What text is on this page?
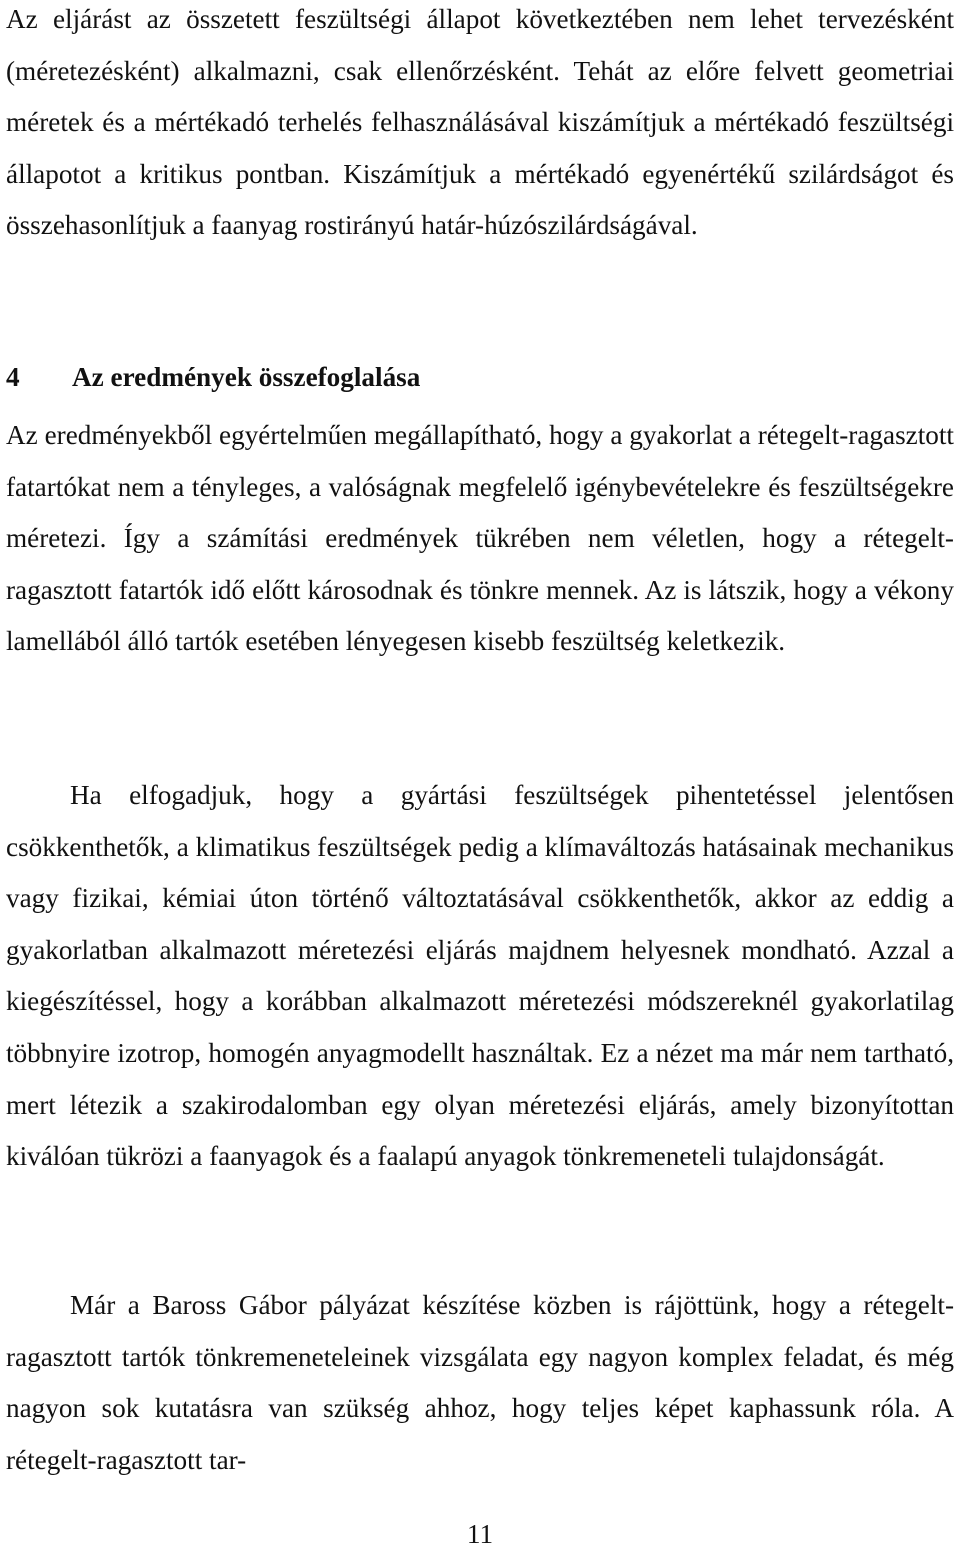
Az eljárást az összetett feszültségi állapot következtében nem lehet tervezésként (méretezésként) alkalmazni, csak ellenőrzésként. Tehát az előre felvett geometriai méretek és a mértékadó terhelés felhasználásával kiszámítjuk a mértékadó feszültségi állapotot a kritikus pontban. Kiszámítjuk a mértékadó egyenértékű szilárdságot és összehasonlítjuk a faanyag rostirányú határ-húzószilárdságával.

4 Az eredmények összefoglalása

Az eredményekből egyértelműen megállapítható, hogy a gyakorlat a rétegelt-ragasztott fatartókat nem a tényleges, a valóságnak megfelelő igénybevételekre és feszültségekre méretezi. Így a számítási eredmények tükrében nem véletlen, hogy a rétegelt-ragasztott fatartók idő előtt károsodnak és tönkre mennek. Az is látszik, hogy a vékony lamellából álló tartók esetében lényegesen kisebb feszültség keletkezik.

Ha elfogadjuk, hogy a gyártási feszültségek pihentetéssel jelentősen csökkenthetők, a klimatikus feszültségek pedig a klímaváltozás hatásainak mechanikus vagy fizikai, kémiai úton történő változtatásával csökkenthetők, akkor az eddig a gyakorlatban alkalmazott méretezési eljárás majdnem helyesnek mondható. Azzal a kiegészítéssel, hogy a korábban alkalmazott méretezési módszereknél gyakorlatilag többnyire izotrop, homogén anyagmodellt használtak. Ez a nézet ma már nem tartható, mert létezik a szakirodalomban egy olyan méretezési eljárás, amely bizonyítottan kiválóan tükrözi a faanyagok és a faalapú anyagok tönkremeneteli tulajdonságát.

Már a Baross Gábor pályázat készítése közben is rájöttünk, hogy a rétegelt-ragasztott tartók tönkremeneteleinek vizsgálata egy nagyon komplex feladat, és még nagyon sok kutatásra van szükség ahhoz, hogy teljes képet kaphassunk róla. A rétegelt-ragasztott tar-

11
